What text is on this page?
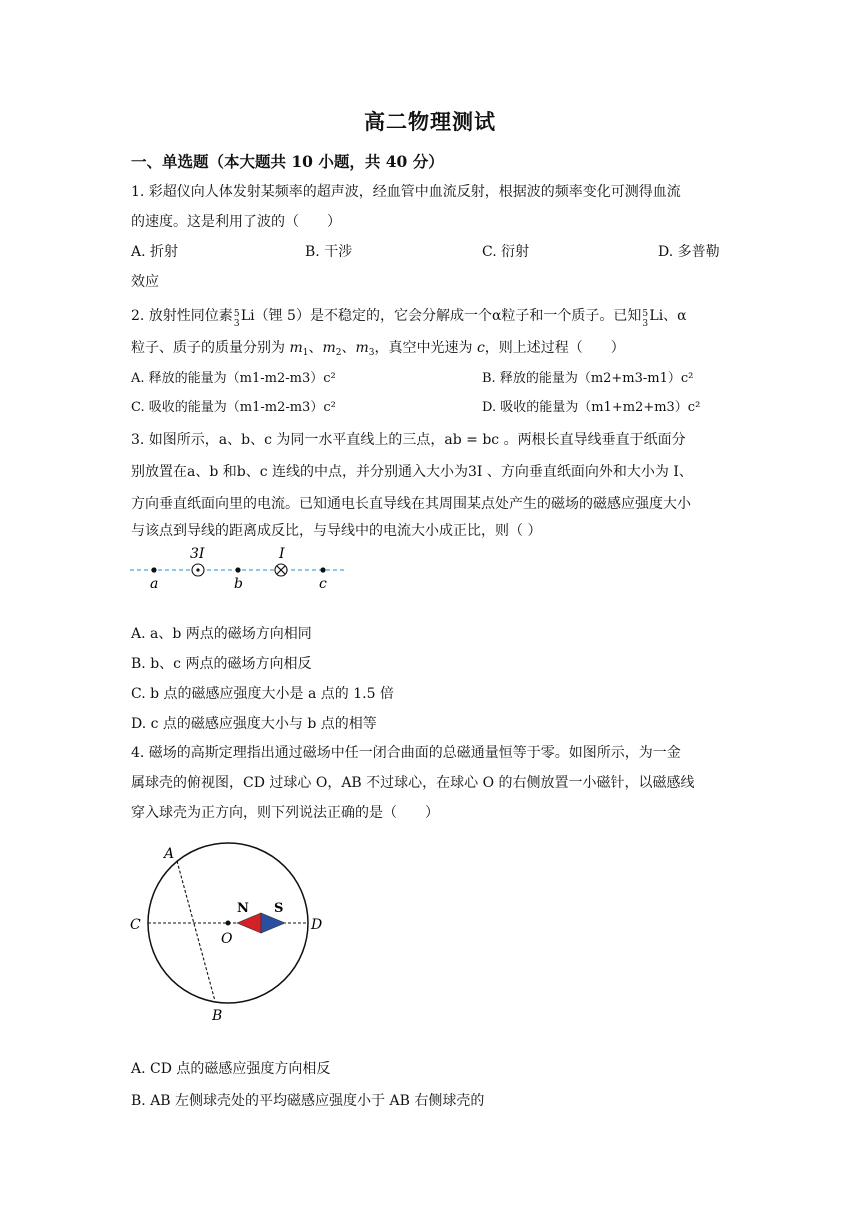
高二物理测试
一、单选题（本大题共 10 小题，共 40 分）
1. 彩超仪向人体发射某频率的超声波，经血管中血流反射，根据波的频率变化可测得血流
的速度。这是利用了波的（　　）
A. 折射	B. 干涉	C. 衍射	D. 多普勒
效应
2. 放射性同位素 5
3 Li（锂 5）是不稳定的，它会分解成一个α粒子和一个质子。已知 5
3 Li、α
粒子、质子的质量分别为 $m_1$、$m_2$、$m_3$，真空中光速为 c，则上述过程（　　）
A. 释放的能量为（m1-m2-m3）c²	B. 释放的能量为（m2+m3-m1）c²
C. 吸收的能量为（m1-m2-m3）c²	D. 吸收的能量为（m1+m2+m3）c²
3. 如图所示，a、b、c 为同一水平直线上的三点，ab = bc 。两根长直导线垂直于纸面分
别放置在a、b 和b、c 连线的中点，并分别通入大小为3I 、方向垂直纸面向外和大小为 I、
方向垂直纸面向里的电流。已知通电长直导线在其周围某点处产生的磁场的磁感应强度大小
与该点到导线的距离成反比，与导线中的电流大小成正比，则（ ）
3I	I
a	b	c
A. a、b 两点的磁场方向相同
B. b、c 两点的磁场方向相反
C. b 点的磁感应强度大小是 a 点的 1.5 倍
D. c 点的磁感应强度大小与 b 点的相等
4. 磁场的高斯定理指出通过磁场中任一闭合曲面的总磁通量恒等于零。如图所示，为一金
属球壳的俯视图，CD 过球心 O，AB 不过球心，在球心 O 的右侧放置一小磁针，以磁感线
穿入球壳为正方向，则下列说法正确的是（　　）
A
B
C	D
O
N S
A. CD 点的磁感应强度方向相反
B. AB 左侧球壳处的平均磁感应强度小于 AB 右侧球壳的
